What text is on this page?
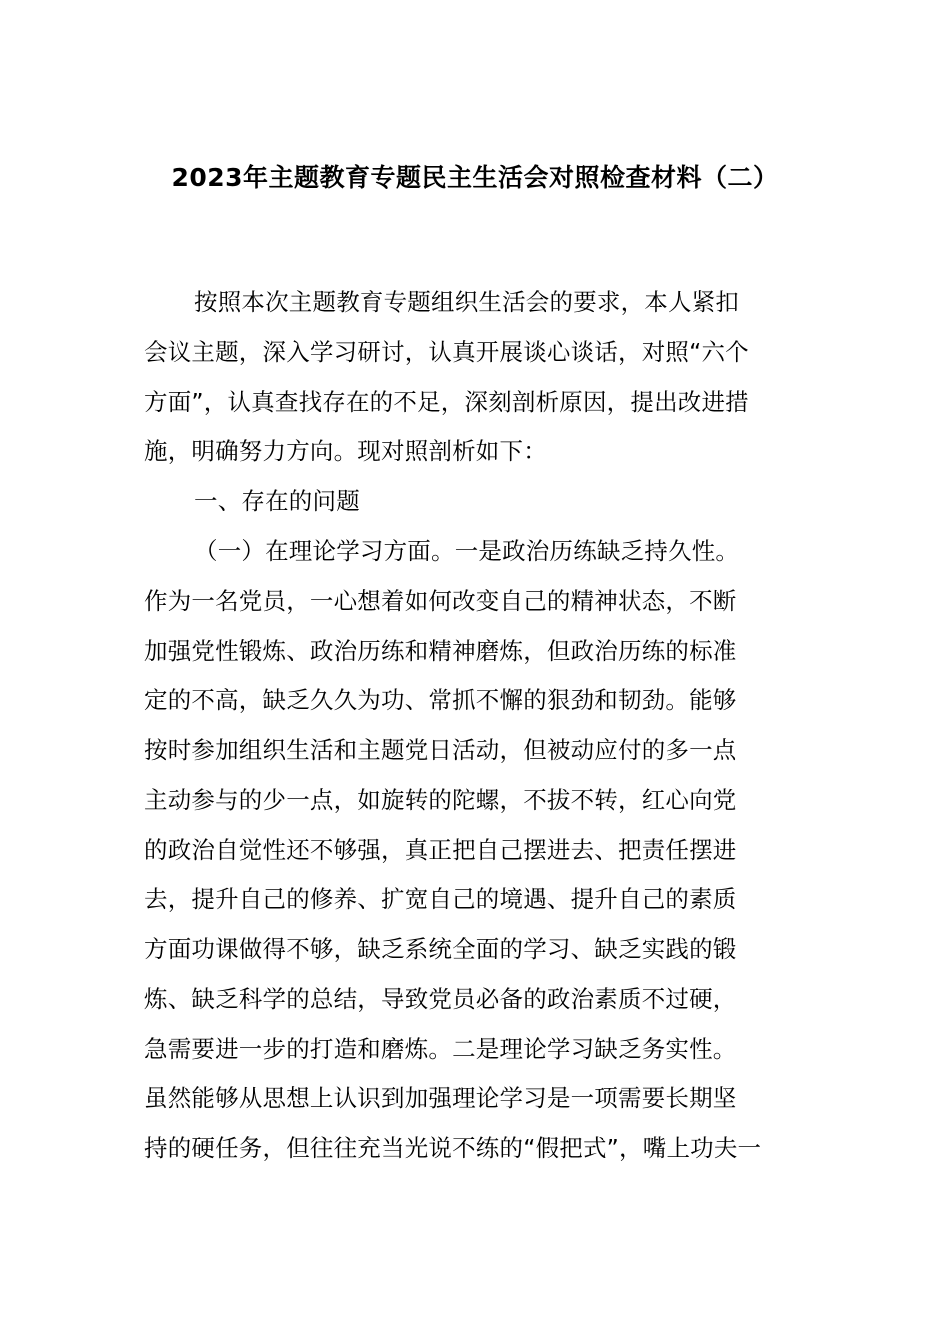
2023年主题教育专题民主生活会对照检查材料（二）
按照本次主题教育专题组织生活会的要求，本人紧扣
会议主题，深入学习研讨，认真开展谈心谈话，对照“六个
方面”，认真查找存在的不足，深刻剖析原因，提出改进措
施，明确努力方向。现对照剖析如下：
一、存在的问题
（一）在理论学习方面。一是政治历练缺乏持久性。
作为一名党员，一心想着如何改变自己的精神状态，不断
加强党性锻炼、政治历练和精神磨炼，但政治历练的标准
定的不高，缺乏久久为功、常抓不懈的狠劲和韧劲。能够
按时参加组织生活和主题党日活动，但被动应付的多一点
主动参与的少一点，如旋转的陀螺，不拔不转，红心向党
的政治自觉性还不够强，真正把自己摆进去、把责任摆进
去，提升自己的修养、扩宽自己的境遇、提升自己的素质
方面功课做得不够，缺乏系统全面的学习、缺乏实践的锻
炼、缺乏科学的总结，导致党员必备的政治素质不过硬，
急需要进一步的打造和磨炼。二是理论学习缺乏务实性。
虽然能够从思想上认识到加强理论学习是一项需要长期坚
持的硬任务，但往往充当光说不练的“假把式”，嘴上功夫一
